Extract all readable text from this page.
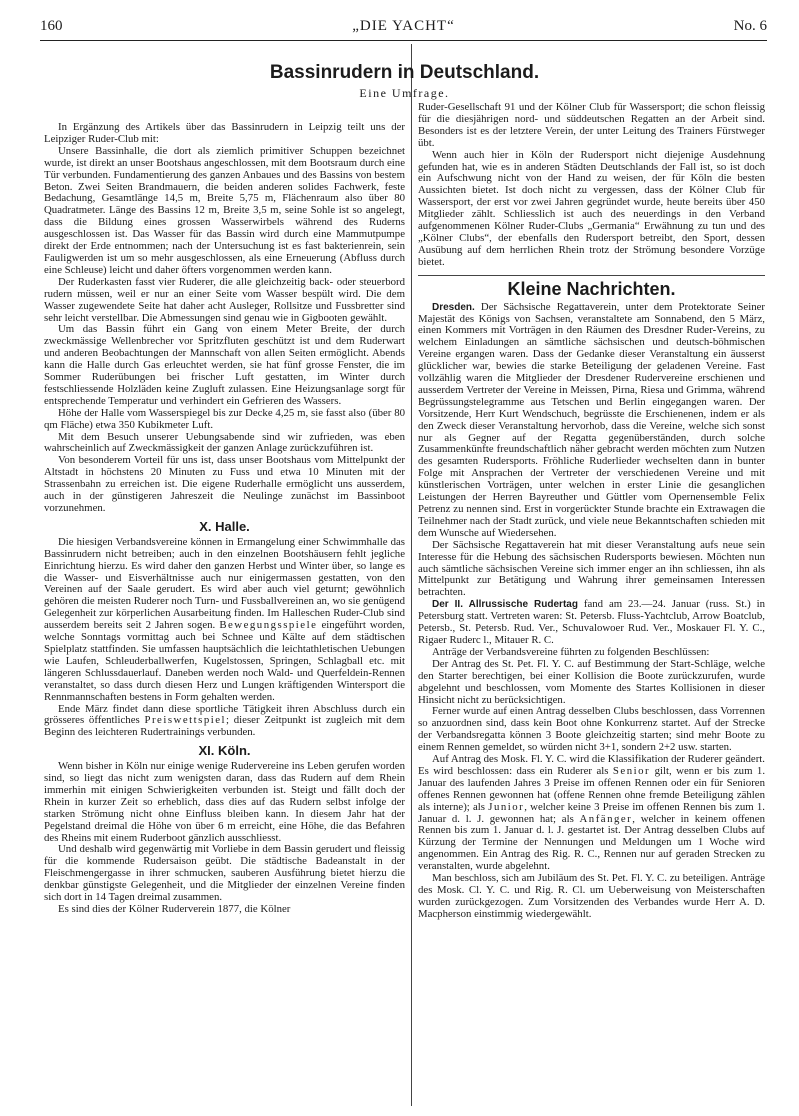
160	„DIE YACHT“	No. 6
Bassinrudern in Deutschland.
Eine Umfrage.

In Ergänzung des Artikels über das Bassinrudern in Leipzig teilt uns der Leipziger Ruder-Club mit:

Unsere Bassinhalle, die dort als ziemlich primitiver Schuppen bezeichnet wurde, ist direkt an unser Bootshaus angeschlossen, mit dem Bootsraum durch eine Tür verbunden. Fundamentierung des ganzen Anbaues und des Bassins von bestem Beton. Zwei Seiten Brandmauern, die beiden anderen solides Fachwerk, feste Bedachung, Gesamtlänge 14,5 m, Breite 5,75 m, Flächenraum also über 80 Quadratmeter. Länge des Bassins 12 m, Breite 3,5 m, seine Sohle ist so angelegt, dass die Bildung eines grossen Wasserwirbels während des Ruderns ausgeschlossen ist. Das Wasser für das Bassin wird durch eine Mammutpumpe direkt der Erde entnommen; nach der Untersuchung ist es fast bakterienrein, sein Fauligwerden ist um so mehr ausgeschlossen, als eine Erneuerung (Abfluss durch eine Schleuse) leicht und daher öfters vorgenommen werden kann.

Der Ruderkasten fasst vier Ruderer, die alle gleichzeitig back- oder steuerbord rudern müssen, weil er nur an einer Seite vom Wasser bespült wird. Die dem Wasser zugewendete Seite hat daher acht Ausleger, Rollsitze und Fussbretter sind sehr leicht verstellbar. Die Abmessungen sind genau wie in Gigbooten gewählt.

Um das Bassin führt ein Gang von einem Meter Breite, der durch zweckmässige Wellenbrecher vor Spritzfluten geschützt ist und dem Ruderwart und anderen Beobachtungen der Mannschaft von allen Seiten ermöglicht. Abends kann die Halle durch Gas erleuchtet werden, sie hat fünf grosse Fenster, die im Sommer Ruderübungen bei frischer Luft gestatten, im Winter durch festschliessende Holzläden keine Zugluft zulassen. Eine Heizungsanlage sorgt für entsprechende Temperatur und verhindert ein Gefrieren des Wassers.

Höhe der Halle vom Wasserspiegel bis zur Decke 4,25 m, sie fasst also (über 80 qm Fläche) etwa 350 Kubikmeter Luft.

Mit dem Besuch unserer Uebungsabende sind wir zufrieden, was eben wahrscheinlich auf Zweckmässigkeit der ganzen Anlage zurückzuführen ist.

Von besonderem Vorteil für uns ist, dass unser Bootshaus vom Mittelpunkt der Altstadt in höchstens 20 Minuten zu Fuss und etwa 10 Minuten mit der Strassenbahn zu erreichen ist. Die eigene Ruderhalle ermöglicht uns ausserdem, auch in der günstigeren Jahreszeit die Neulinge zunächst im Bassinboot vorzunehmen.

X. Halle.

Die hiesigen Verbandsvereine können in Ermangelung einer Schwimmhalle das Bassinrudern nicht betreiben; auch in den einzelnen Bootshäusern fehlt jegliche Einrichtung hierzu. Es wird daher den ganzen Herbst und Winter über, so lange es die Wasser- und Eisverhältnisse auch nur einigermassen gestatten, von den Vereinen auf der Saale gerudert. Es wird aber auch viel geturnt; gewöhnlich gehören die meisten Ruderer noch Turn- und Fussballvereinen an, wo sie genügend Gelegenheit zur körperlichen Ausarbeitung finden. Im Halleschen Ruder-Club sind ausserdem bereits seit 2 Jahren sogen. Bewegungsspiele eingeführt worden, welche Sonntags vormittag auch bei Schnee und Kälte auf dem städtischen Spielplatz stattfinden. Sie umfassen hauptsächlich die leichtathletischen Uebungen wie Laufen, Schleuderballwerfen, Kugelstossen, Springen, Schlagball etc. mit längeren Schlussdauerlauf. Daneben werden noch Wald- und Querfeldein-Rennen veranstaltet, so dass durch diesen Herz und Lungen kräftigenden Wintersport die Rennmannschaften bestens in Form gehalten werden.

Ende März findet dann diese sportliche Tätigkeit ihren Abschluss durch ein grösseres öffentliches Preiswettspiel; dieser Zeitpunkt ist zugleich mit dem Beginn des leichteren Rudertrainings verbunden.

XI. Köln.

Wenn bisher in Köln nur einige wenige Rudervereine ins Leben gerufen worden sind, so liegt das nicht zum wenigsten daran, dass das Rudern auf dem Rhein immerhin mit einigen Schwierigkeiten verbunden ist. Steigt und fällt doch der Rhein in kurzer Zeit so erheblich, dass dies auf das Rudern selbst infolge der starken Strömung nicht ohne Einfluss bleiben kann. In diesem Jahr hat der Pegelstand dreimal die Höhe von über 6 m erreicht, eine Höhe, die das Befahren des Rheins mit einem Ruderboot gänzlich ausschliesst.

Und deshalb wird gegenwärtig mit Vorliebe in dem Bassin gerudert und fleissig für die kommende Rudersaison geübt. Die städtische Badeanstalt in der Fleischmengergasse in ihrer schmucken, sauberen Ausführung bietet hierzu die denkbar günstigste Gelegenheit, und die Mitglieder der einzelnen Vereine finden sich dort in 14 Tagen dreimal zusammen.

Es sind dies der Kölner Ruderverein 1877, die Kölner

Ruder-Gesellschaft 91 und der Kölner Club für Wassersport; die schon fleissig für die diesjährigen nord- und süddeutschen Regatten an der Arbeit sind. Besonders ist es der letztere Verein, der unter Leitung des Trainers Fürstweger übt.

Wenn auch hier in Köln der Rudersport nicht diejenige Ausdehnung gefunden hat, wie es in anderen Städten Deutschlands der Fall ist, so ist doch ein Aufschwung nicht von der Hand zu weisen, der für Köln die besten Aussichten bietet. Ist doch nicht zu vergessen, dass der Kölner Club für Wassersport, der erst vor zwei Jahren gegründet wurde, heute bereits über 450 Mitglieder zählt. Schliesslich ist auch des neuerdings in den Verband aufgenommenen Kölner Ruder-Clubs „Germania“ Erwähnung zu tun und des „Kölner Clubs“, der ebenfalls den Rudersport betreibt, den Sport, dessen Ausübung auf dem herrlichen Rhein trotz der Strömung besondere Vorzüge bietet.

Kleine Nachrichten.

Dresden. Der Sächsische Regattaverein, unter dem Protektorate Seiner Majestät des Königs von Sachsen, veranstaltete am Sonnabend, den 5 März, einen Kommers mit Vorträgen in den Räumen des Dresdner Ruder-Vereins, zu welchem Einladungen an sämtliche sächsischen und deutsch-böhmischen Vereine ergangen waren. Dass der Gedanke dieser Veranstaltung ein äusserst glücklicher war, bewies die starke Beteiligung der geladenen Vereine. Fast vollzählig waren die Mitglieder der Dresdener Rudervereine erschienen und ausserdem Vertreter der Vereine in Meissen, Pirna, Riesa und Grimma, während Begrüssungstelegramme aus Tetschen und Berlin eingegangen waren. Der Vorsitzende, Herr Kurt Wendschuch, begrüsste die Erschienenen, indem er als den Zweck dieser Veranstaltung hervorhob, dass die Vereine, welche sich sonst nur als Gegner auf der Regatta gegenüberständen, durch solche Zusammenkünfte freundschaftlich näher gebracht werden möchten zum Nutzen des gesamten Rudersports. Fröhliche Ruderlieder wechselten dann in bunter Folge mit Ansprachen der Vertreter der verschiedenen Vereine und mit künstlerischen Vorträgen, unter welchen in erster Linie die gesanglichen Leistungen der Herren Bayreuther und Güttler vom Opernensemble Felix Petrenz zu nennen sind. Erst in vorgerückter Stunde brachte ein Extrawagen die Teilnehmer nach der Stadt zurück, und viele neue Bekanntschaften schieden mit dem Wunsche auf Wiedersehen.

Der Sächsische Regattaverein hat mit dieser Veranstaltung aufs neue sein Interesse für die Hebung des sächsischen Rudersports bewiesen. Möchten nun auch sämtliche sächsischen Vereine sich immer enger an ihn schliessen, ihn als Mittelpunkt zur Betätigung und Wahrung ihrer gemeinsamen Interessen betrachten.

Der II. Allrussische Rudertag fand am 23.—24. Januar (russ. St.) in Petersburg statt. Vertreten waren: St. Petersb. Fluss-Yachtclub, Arrow Boatclub, Petersb., St. Petersb. Rud. Ver., Schuvalowoer Rud. Ver., Moskauer Fl. Y. C., Rigaer Ruderc l., Mitauer R. C.

Anträge der Verbandsvereine führten zu folgenden Beschlüssen:

Der Antrag des St. Pet. Fl. Y. C. auf Bestimmung der Start-Schläge, welche den Starter berechtigen, bei einer Kollision die Boote zurückzurufen, wurde abgelehnt und beschlossen, vom Momente des Startes Kollisionen in dieser Hinsicht nicht zu berücksichtigen.

Ferner wurde auf einen Antrag desselben Clubs beschlossen, dass Vorrennen so anzuordnen sind, dass kein Boot ohne Konkurrenz startet. Auf der Strecke der Verbandsregatta können 3 Boote gleichzeitig starten; sind mehr Boote zu einem Rennen gemeldet, so würden nicht 3+1, sondern 2+2 usw. starten.

Auf Antrag des Mosk. Fl. Y. C. wird die Klassifikation der Ruderer geändert. Es wird beschlossen: dass ein Ruderer als Senior gilt, wenn er bis zum 1. Januar des laufenden Jahres 3 Preise im offenen Rennen oder ein für Senioren offenes Rennen gewonnen hat (offene Rennen ohne fremde Beteiligung zählen als interne); als Junior, welcher keine 3 Preise im offenen Rennen bis zum 1. Januar d. l. J. gewonnen hat; als Anfänger, welcher in keinem offenen Rennen bis zum 1. Januar d. l. J. gestartet ist. Der Antrag desselben Clubs auf Kürzung der Termine der Nennungen und Meldungen um 1 Woche wird angenommen. Ein Antrag des Rig. R. C., Rennen nur auf geraden Strecken zu veranstalten, wurde abgelehnt.

Man beschloss, sich am Jubiläum des St. Pet. Fl. Y. C. zu beteiligen. Anträge des Mosk. Cl. Y. C. und Rig. R. Cl. um Ueberweisung von Meisterschaften wurden zurückgezogen. Zum Vorsitzenden des Verbandes wurde Herr A. D. Macpherson einstimmig wiedergewählt.
